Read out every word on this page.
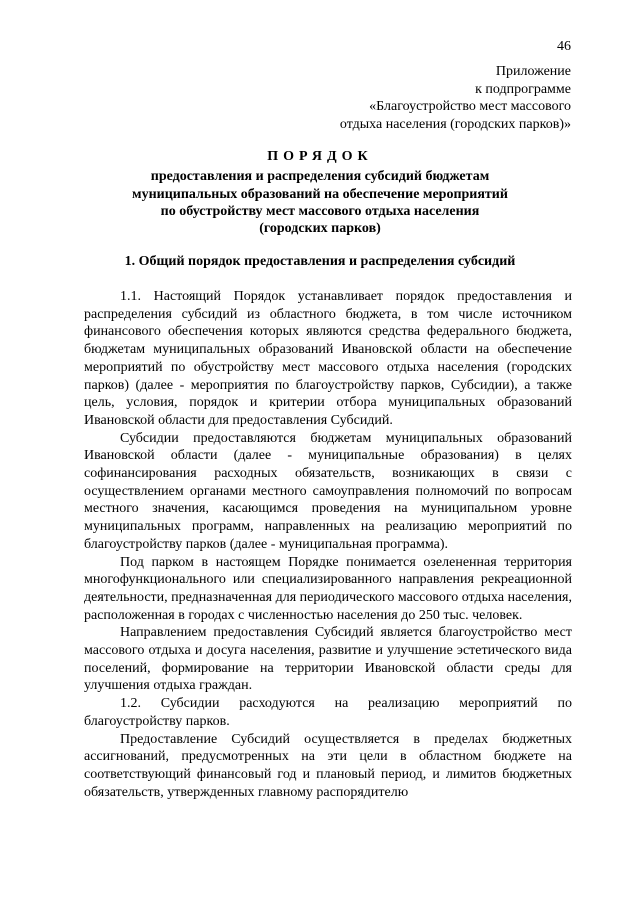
46
Приложение
к подпрограмме
«Благоустройство мест массового
отдыха населения (городских парков)»
ПОРЯДОК
предоставления и распределения субсидий бюджетам
муниципальных образований на обеспечение мероприятий
по обустройству мест массового отдыха населения
(городских парков)
1. Общий порядок предоставления и распределения субсидий

1.1. Настоящий Порядок устанавливает порядок предоставления и распределения субсидий из областного бюджета, в том числе источником финансового обеспечения которых являются средства федерального бюджета, бюджетам муниципальных образований Ивановской области на обеспечение мероприятий по обустройству мест массового отдыха населения (городских парков) (далее - мероприятия по благоустройству парков, Субсидии), а также цель, условия, порядок и критерии отбора муниципальных образований Ивановской области для предоставления Субсидий.

Субсидии предоставляются бюджетам муниципальных образований Ивановской области (далее - муниципальные образования) в целях софинансирования расходных обязательств, возникающих в связи с осуществлением органами местного самоуправления полномочий по вопросам местного значения, касающимся проведения на муниципальном уровне муниципальных программ, направленных на реализацию мероприятий по благоустройству парков (далее - муниципальная программа).

Под парком в настоящем Порядке понимается озелененная территория многофункционального или специализированного направления рекреационной деятельности, предназначенная для периодического массового отдыха населения, расположенная в городах с численностью населения до 250 тыс. человек.

Направлением предоставления Субсидий является благоустройство мест массового отдыха и досуга населения, развитие и улучшение эстетического вида поселений, формирование на территории Ивановской области среды для улучшения отдыха граждан.

1.2. Субсидии расходуются на реализацию мероприятий по благоустройству парков.

Предоставление Субсидий осуществляется в пределах бюджетных ассигнований, предусмотренных на эти цели в областном бюджете на соответствующий финансовый год и плановый период, и лимитов бюджетных обязательств, утвержденных главному распорядителю
